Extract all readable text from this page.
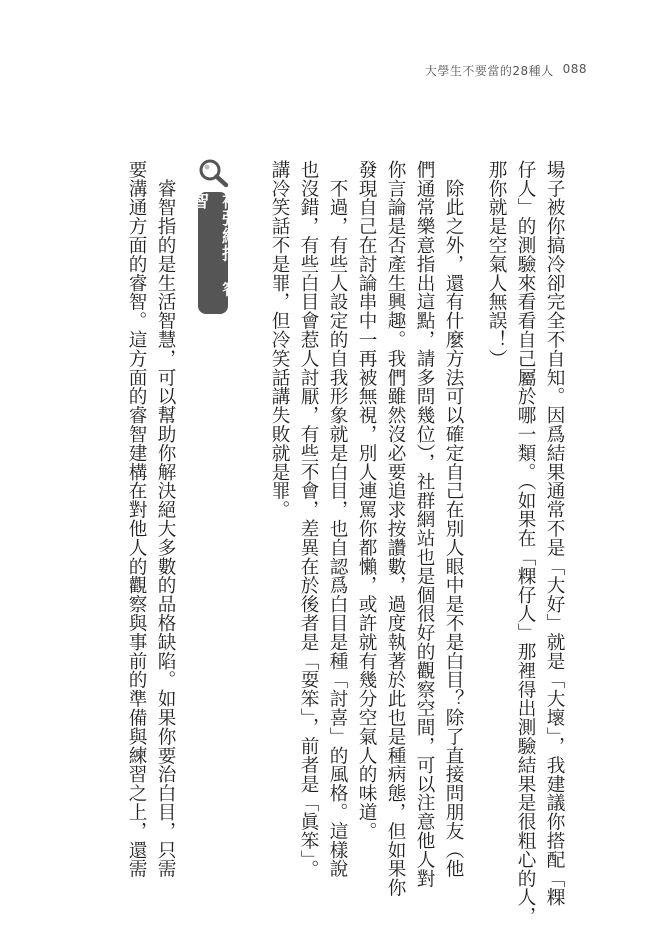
大學生不要當的28種人 088
場子被你搞冷卻完全不自知。因爲結果通常不是「大好」就是「大壞」，我建議你搭配「粿
仔人」的測驗來看看自己屬於哪一類。（如果在「粿仔人」那裡得出測驗結果是很粗心的人，
那你就是空氣人無誤！）
　除此之外，還有什麼方法可以確定自己在別人眼中是不是白目？除了直接問朋友（他
們通常樂意指出這點，請多問幾位），社群網站也是個很好的觀察空間，可以注意他人對
你言論是否產生興趣。我們雖然沒必要追求按讚數，過度執著於此也是種病態，但如果你
發現自己在討論串中一再被無視，別人連罵你都懶，或許就有幾分空氣人的味道。
　不過，有些人設定的自我形象就是白目，也自認爲白目是種「討喜」的風格。這樣說
也沒錯，有些白目會惹人討厭，有些不會，差異在於後者是「耍笨」，前者是「眞笨」。
講冷笑話不是罪，但冷笑話講失敗就是罪。
補強絕招：睿智
　睿智指的是生活智慧，可以幫助你解決絕大多數的品格缺陷。如果你要治白目，只需
要溝通方面的睿智。這方面的睿智建構在對他人的觀察與事前的準備與練習之上，還需
